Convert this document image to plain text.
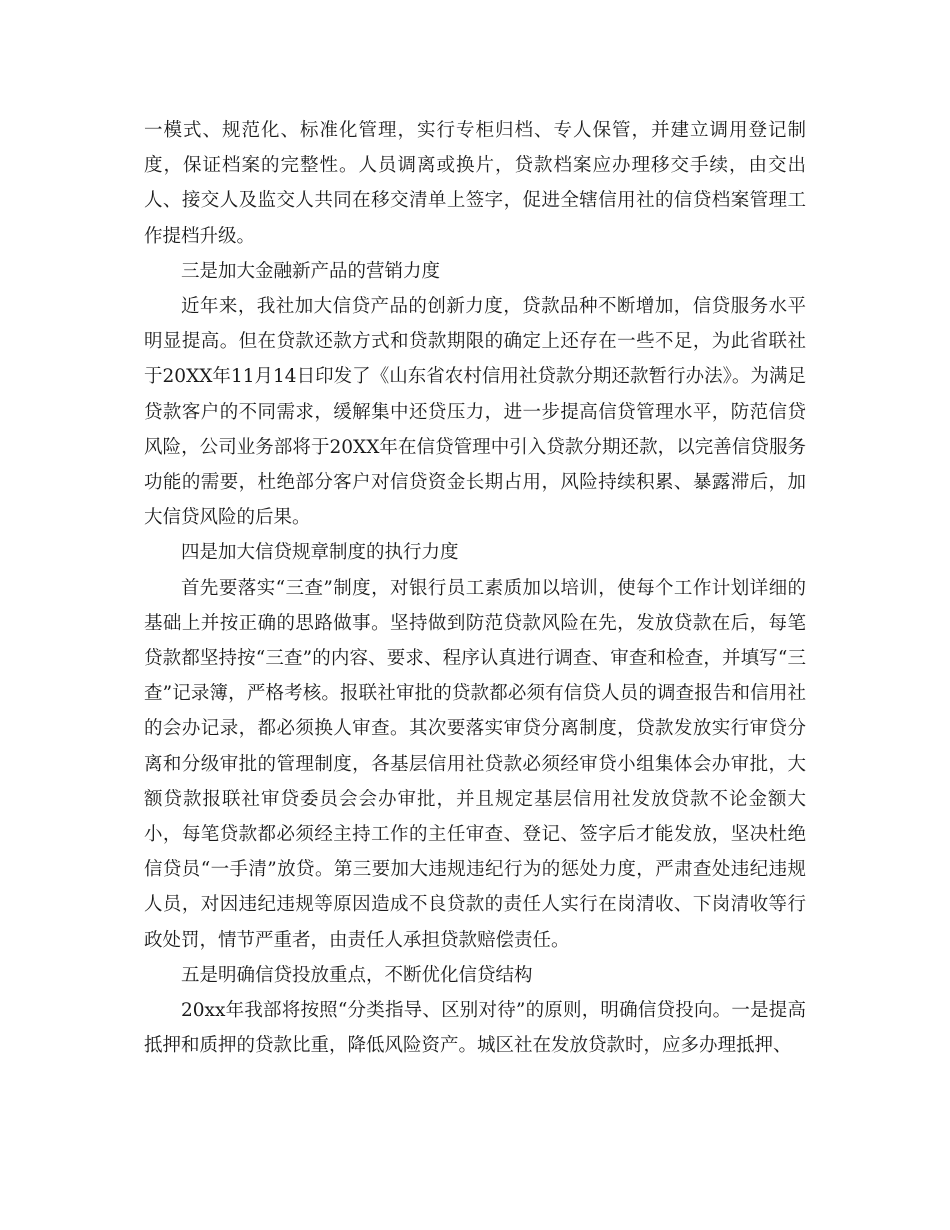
一模式、规范化、标准化管理，实行专柜归档、专人保管，并建立调用登记制度，保证档案的完整性。人员调离或换片，贷款档案应办理移交手续，由交出人、接交人及监交人共同在移交清单上签字，促进全辖信用社的信贷档案管理工作提档升级。

三是加大金融新产品的营销力度

近年来，我社加大信贷产品的创新力度，贷款品种不断增加，信贷服务水平明显提高。但在贷款还款方式和贷款期限的确定上还存在一些不足，为此省联社于20XX年11月14日印发了《山东省农村信用社贷款分期还款暂行办法》。为满足贷款客户的不同需求，缓解集中还贷压力，进一步提高信贷管理水平，防范信贷风险，公司业务部将于20XX年在信贷管理中引入贷款分期还款，以完善信贷服务功能的需要，杜绝部分客户对信贷资金长期占用，风险持续积累、暴露滞后，加大信贷风险的后果。

四是加大信贷规章制度的执行力度

首先要落实“三查”制度，对银行员工素质加以培训，使每个工作计划详细的基础上并按正确的思路做事。坚持做到防范贷款风险在先，发放贷款在后，每笔贷款都坚持按“三查”的内容、要求、程序认真进行调查、审查和检查，并填写“三查”记录簿，严格考核。报联社审批的贷款都必须有信贷人员的调查报告和信用社的会办记录，都必须换人审查。其次要落实审贷分离制度，贷款发放实行审贷分离和分级审批的管理制度，各基层信用社贷款必须经审贷小组集体会办审批，大额贷款报联社审贷委员会会办审批，并且规定基层信用社发放贷款不论金额大小，每笔贷款都必须经主持工作的主任审查、登记、签字后才能发放，坚决杜绝信贷员“一手清”放贷。第三要加大违规违纪行为的惩处力度，严肃查处违纪违规人员，对因违纪违规等原因造成不良贷款的责任人实行在岗清收、下岗清收等行政处罚，情节严重者，由责任人承担贷款赔偿责任。

五是明确信贷投放重点，不断优化信贷结构

20xx年我部将按照“分类指导、区别对待”的原则，明确信贷投向。一是提高抵押和质押的贷款比重，降低风险资产。城区社在发放贷款时，应多办理抵押、
